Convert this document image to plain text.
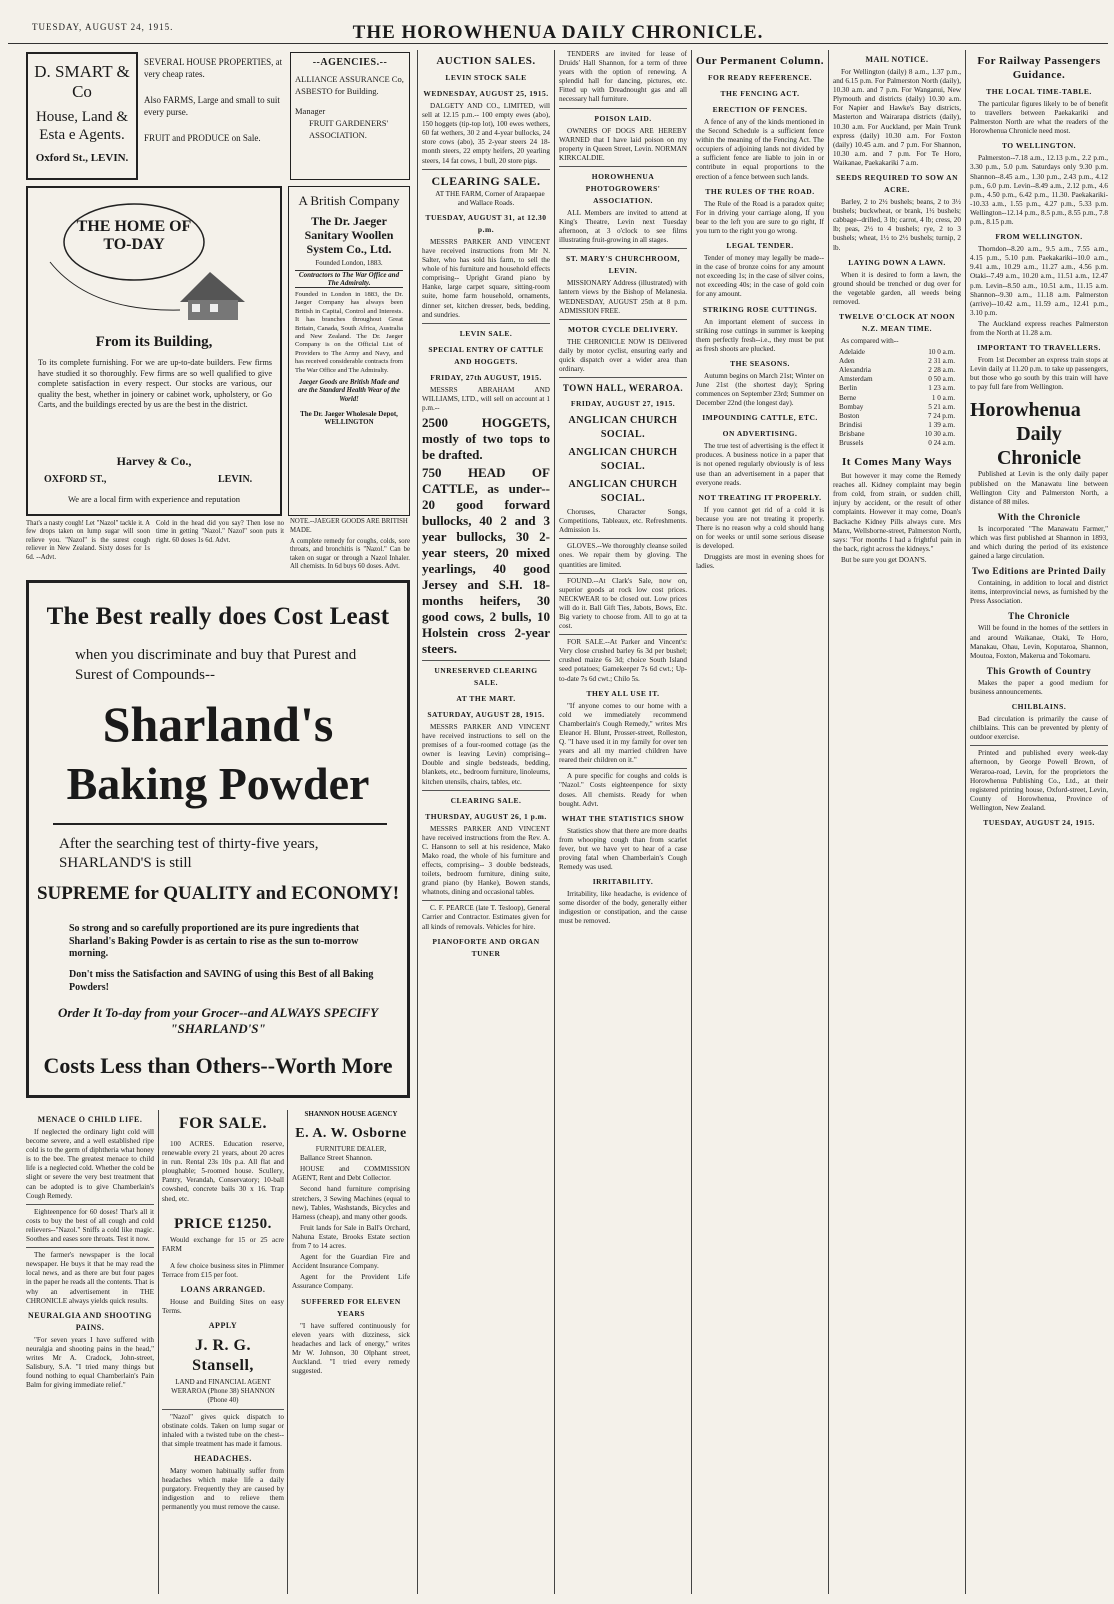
TUESDAY, AUGUST 24, 1915.	THE HOROWHENUA DAILY CHRONICLE.
D. SMART & Co
House, Land &
Esta e Agents.
Oxford St., LEVIN.
SEVERAL HOUSE PROPERTIES, at very cheap rates.
Also FARMS, Large and small to suit every purse.
FRUIT and PRODUCE on Sale.
--AGENCIES.--
ALLIANCE ASSURANCE Co,
ASBESTO for Building.
Manager
FRUIT GARDENERS' ASSOCIATION.
THE HOME OF TO-DAY
From its Building,
To its complete furnishing. For we are up-to-date builders. Few firms have studied it so thoroughly. Few firms are so well qualified to give complete satisfaction in every respect. Our stocks are various, our quality the best, whether in joinery or cabinet work, upholstery, or Go Carts, and the buildings erected by us are the best in the district.
Harvey & Co.,
OXFORD ST.,	LEVIN.
We are a local firm with experience and reputation
A British Company
The Dr. Jaeger Sanitary Woollen System Co., Ltd.
Founded London, 1883.
Contractors to The War Office and The Admiralty.
Founded in London in 1883, the Dr. Jaeger Company has always been British in Capital, Control and Interests. It has branches throughout Great Britain, Canada, South Africa, Australia and New Zealand. The Dr. Jaeger Company is on the Official List of Providers to The Army and Navy, and has received considerable contracts from The War Office and The Admiralty.
Jaeger Goods are British Made and are the Standard Health Wear of the World!
The Dr. Jaeger Wholesale Depot, WELLINGTON
NOTE.--JAEGER GOODS ARE BRITISH MADE.
That's a nasty cough! Let "Nazol" tackle it. A few drops taken on lump sugar will soon relieve you. "Nazol" is the surest cough reliever in New Zealand. Sixty doses for 1s 6d. --Advt.
Cold in the head did you say? Then lose no time in getting "Nazol." Nazol" soon puts it right. 60 doses 1s 6d. Advt.	A complete remedy for coughs, colds, sore throats, and bronchitis is "Nazol." Can be taken on sugar or through a Nazol Inhaler. All chemists. In 6d buys 60 doses. Advt.
The Best really does Cost Least
when you discriminate and buy that Purest and Surest of Compounds--
Sharland's
Baking Powder
After the searching test of thirty-five years, SHARLAND'S is still
SUPREME for QUALITY and ECONOMY!
So strong and so carefully proportioned are its pure ingredients that Sharland's Baking Powder is as certain to rise as the sun to-morrow morning.
Don't miss the Satisfaction and SAVING of using this Best of all Baking Powders!
Order It To-day from your Grocer--and ALWAYS SPECIFY "SHARLAND'S"
Costs Less than Others--Worth More
MENACE O CHILD LIFE.
If neglected the ordinary light cold will become severe, and a well established ripe cold is to the germ of diphtheria what honey is to the bee. The greatest menace to child life is a neglected cold. Whether the cold be slight or severe the very best treatment that can be adopted is to give Chamberlain's Cough Remedy.
Eighteenpence for 60 doses! That's all it costs to buy the best of all cough and cold relievers--"Nazol." Sniffs a cold like magic. Soothes and eases sore throats. Test it now.
The farmer's newspaper is the local newspaper. He buys it that he may read the local news, and as there are but four pages in the paper he reads all the contents. That is why an advertisement in THE CHRONICLE always yields quick results.
NEURALGIA AND SHOOTING PAINS.
"For seven years I have suffered with neuralgia and shooting pains in the head," writes Mr A. Cradock, John-street, Salisbury, S.A. "I tried many things but found nothing to equal Chamberlain's Pain Balm for giving immediate relief."
FOR SALE.
100 ACRES. Education reserve, renewable every 21 years, about 20 acres in run. Rental 23s 10s p.a. All flat and ploughable; 5-roomed house. Scullery, Pantry, Verandah, Conservatory; 10-ball cowshed, concrete bails 30 x 16. Trap shed, etc.
PRICE £1250.
Would exchange for 15 or 25 acre FARM
A few choice business sites in Plimmer Terrace from £15 per foot.
LOANS ARRANGED.
House and Building Sites on easy Terms.
APPLY
J. R. G. Stansell,
LAND and FINANCIAL AGENT
WERAROA (Phone 38) SHANNON (Phone 40)
"Nazol" gives quick dispatch to obstinate colds. Taken on lump sugar or inhaled with a twisted tube on the chest--that simple treatment has made it famous.
HEADACHES.
Many women habitually suffer from headaches which make life a daily purgatory. Frequently they are caused by indigestion and to relieve them permanently you must remove the cause.
SHANNON HOUSE AGENCY
E. A. W. Osborne
FURNITURE DEALER,
Ballance Street Shannon.
HOUSE and COMMISSION AGENT, Rent and Debt Collector.
Second hand furniture comprising stretchers, 3 Sewing Machines (equal to new), Tables, Washstands, Bicycles and Harness (cheap), and many other goods.
Fruit lands for Sale in Ball's Orchard, Nahuna Estate, Brooks Estate section from 7 to 14 acres.
Agent for the Guardian Fire and Accident Insurance Company.
Agent for the Provident Life Assurance Company.
SUFFERED FOR ELEVEN YEARS
"I have suffered continuously for eleven years with dizziness, sick headaches and lack of energy," writes Mr W. Johnson, 30 Olphant street, Auckland. "I tried every remedy suggested.
AUCTION SALES.
LEVIN STOCK SALE
WEDNESDAY, AUGUST 25, 1915.
DALGETY AND CO., LIMITED, will sell at 12.15 p.m.-- 100 empty ewes (abo), 150 hoggets (tip-top lot), 100 ewes wethers, 60 fat wethers, 30 2 and 4-year bullocks, 24 store cows (abo), 35 2-year steers 24 18-month steers, 22 empty heifers, 20 yearling steers, 14 fat cows, 1 bull, 20 store pigs.
CLEARING SALE.
AT THE FARM, Corner of Arapaepae and Wallace Roads.
TUESDAY, AUGUST 31, at 12.30 p.m.
MESSRS PARKER AND VINCENT have received instructions from Mr N. Salter, who has sold his farm, to sell the whole of his furniture and household effects comprising-- Upright Grand piano by Hanke, large carpet square, sitting-room suite, home farm household, ornaments, dinner set, kitchen dresser, beds, bedding, and sundries.
LEVIN SALE.
SPECIAL ENTRY OF CATTLE AND HOGGETS.
FRIDAY, 27th AUGUST, 1915.
MESSRS ABRAHAM AND WILLIAMS, LTD., will sell on account at 1 p.m.--
2500 HOGGETS, mostly of two tops to be drafted.
750 HEAD OF CATTLE, as under-- 20 good forward bullocks, 40 2 and 3 year bullocks, 30 2-year steers, 20 mixed yearlings, 40 good Jersey and S.H. 18-months heifers, 30 good cows, 2 bulls, 10 Holstein cross 2-year steers.
UNRESERVED CLEARING SALE.
AT THE MART.
SATURDAY, AUGUST 28, 1915.
MESSRS PARKER AND VINCENT have received instructions to sell on the premises of a four-roomed cottage (as the owner is leaving Levin) comprising-- Double and single bedsteads, bedding, blankets, etc., bedroom furniture, linoleums, kitchen utensils, chairs, tables, etc.
CLEARING SALE.
THURSDAY, AUGUST 26, 1 p.m.
MESSRS PARKER AND VINCENT have received instructions from the Rev. A. C. Hansonn to sell at his residence, Mako Mako road, the whole of his furniture and effects, comprising-- 3 double bedsteads, toilets, bedroom furniture, dining suite, grand piano (by Hanke), Bowen stands, whatnots, dining and occasional tables.
C. F. PEARCE (late T. Tesloop), General Carrier and Contractor. Estimates given for all kinds of removals. Vehicles for hire.
PIANOFORTE AND ORGAN TUNER
TENDERS are invited for lease of Druids' Hall Shannon, for a term of three years with the option of renewing. A splendid hall for dancing, pictures, etc. Fitted up with Dreadnought gas and all necessary hall furniture.
POISON LAID.
OWNERS OF DOGS ARE HEREBY WARNED that I have laid poison on my property in Queen Street, Levin. NORMAN KIRKCALDIE.
HOROWHENUA PHOTOGROWERS' ASSOCIATION.
ALL Members are invited to attend at King's Theatre, Levin next Tuesday afternoon, at 3 o'clock to see films illustrating fruit-growing in all stages.
ST. MARY'S CHURCHROOM, LEVIN.
MISSIONARY Address (illustrated) with lantern views by the Bishop of Melanesia. WEDNESDAY, AUGUST 25th at 8 p.m. ADMISSION FREE.
MOTOR CYCLE DELIVERY.
THE CHRONICLE NOW IS DElivered daily by motor cyclist, ensuring early and quick dispatch over a wider area than ordinary.
TOWN HALL, WERAROA.
FRIDAY, AUGUST 27, 1915.
ANGLICAN CHURCH SOCIAL.
ANGLICAN CHURCH SOCIAL.
ANGLICAN CHURCH SOCIAL.
Choruses, Character Songs, Competitions, Tableaux, etc. Refreshments. Admission 1s.
GLOVES.--We thoroughly cleanse soiled ones. We repair them by gloving. The quantities are limited.
FOUND.--At Clark's Sale, now on, superior goods at rock low cost prices. NECKWEAR to be closed out. Low prices will do it. Ball Gift Ties, Jabots, Bows, Etc. Big variety to choose from. All to go at ta cost.
FOR SALE.--At Parker and Vincent's: Very close crushed barley 6s 3d per bushel; crushed maize 6s 3d; choice South Island seed potatoes; Gamekeeper 7s 6d cwt.; Up-to-date 7s 6d cwt.; Chilo 5s.
THEY ALL USE IT.
"If anyone comes to our home with a cold we immediately recommend Chamberlain's Cough Remedy," writes Mrs Eleanor H. Blunt, Prosser-street, Rolleston, Q. "I have used it in my family for over ten years and all my married children have reared their children on it."
A pure specific for coughs and colds is "Nazol." Costs eighteenpence for sixty doses. All chemists. Ready for when bought. Advt.
WHAT THE STATISTICS SHOW
Statistics show that there are more deaths from whooping cough than from scarlet fever, but we have yet to hear of a case proving fatal when Chamberlain's Cough Remedy was used.
IRRITABILITY.
Irritability, like headache, is evidence of some disorder of the body, generally either indigestion or constipation, and the cause must be removed.
Our Permanent Column.
FOR READY REFERENCE.
THE FENCING ACT.
ERECTION OF FENCES.
A fence of any of the kinds mentioned in the Second Schedule is a sufficient fence within the meaning of the Fencing Act. The occupiers of adjoining lands not divided by a sufficient fence are liable to join in or contribute in equal proportions to the erection of a fence between such lands.
THE RULES OF THE ROAD.
The Rule of the Road is a paradox quite; For in driving your carriage along, If you bear to the left you are sure to go right, If you turn to the right you go wrong.
LEGAL TENDER.
Tender of money may legally be made--in the case of bronze coins for any amount not exceeding 1s; in the case of silver coins, not exceeding 40s; in the case of gold coin for any amount.
STRIKING ROSE CUTTINGS.
An important element of success in striking rose cuttings in summer is keeping them perfectly fresh--i.e., they must be put as fresh shoots are plucked.
THE SEASONS.
Autumn begins on March 21st; Winter on June 21st (the shortest day); Spring commences on September 23rd; Summer on December 22nd (the longest day).
IMPOUNDING CATTLE, ETC.
ON ADVERTISING.
The true test of advertising is the effect it produces. A business notice in a paper that is not opened regularly obviously is of less use than an advertisement in a paper that everyone reads.
NOT TREATING IT PROPERLY.
If you cannot get rid of a cold it is because you are not treating it properly. There is no reason why a cold should hang on for weeks or until some serious disease is developed.
Druggists are most in evening shoes for ladies.
MAIL NOTICE.
For Wellington (daily) 8 a.m., 1.37 p.m., and 6.15 p.m. For Palmerston North (daily), 10.30 a.m. and 7 p.m. For Wanganui, New Plymouth and districts (daily) 10.30 a.m. For Napier and Hawke's Bay districts, Masterton and Wairarapa districts (daily), 10.30 a.m. For Auckland, per Main Trunk express (daily) 10.30 a.m. For Foxton (daily) 10.45 a.m. and 7 p.m. For Shannon, 10.30 a.m. and 7 p.m. For Te Horo, Waikanae, Paekakariki 7 a.m.
SEEDS REQUIRED TO SOW AN ACRE.
Barley, 2 to 2½ bushels; beans, 2 to 3½ bushels; buckwheat, or brank, 1½ bushels; cabbage--drilled, 3 lb; carrot, 4 lb; cress, 20 lb; peas, 2½ to 4 bushels; rye, 2 to 3 bushels; wheat, 1½ to 2½ bushels; turnip, 2 lb.
LAYING DOWN A LAWN.
When it is desired to form a lawn, the ground should be trenched or dug over for the vegetable garden, all weeds being removed.
TWELVE O'CLOCK AT NOON N.Z. MEAN TIME.
As compared with--
Adelaide	10 0 a.m.
Aden	2 31 a.m.
Alexandria	2 28 a.m.
Amsterdam	0 50 a.m.
Berlin	1 23 a.m.
Berne	1 0 a.m.
Bombay	5 21 a.m.
Boston	7 24 p.m.
Brindisi	1 39 a.m.
Brisbane	10 30 a.m.
Brussels	0 24 a.m.
It Comes Many Ways
But however it may come the Remedy reaches all. Kidney complaint may begin from cold, from strain, or sudden chill, injury by accident, or the result of other complaints. However it may come, Doan's Backache Kidney Pills always cure. Mrs Manx, Wellsborne-street, Palmerston North, says: "For months I had a frightful pain in the back, right across the kidneys."
But be sure you get DOAN'S.
For Railway Passengers Guidance.
THE LOCAL TIME-TABLE.
The particular figures likely to be of benefit to travellers between Paekakariki and Palmerston North are what the readers of the Horowhenua Chronicle need most.
TO WELLINGTON.
Palmerston--7.18 a.m., 12.13 p.m., 2.2 p.m., 3.30 p.m., 5.0 p.m. Saturdays only 9.30 p.m. Shannon--8.45 a.m., 1.30 p.m., 2.43 p.m., 4.12 p.m., 6.0 p.m. Levin--8.49 a.m., 2.12 p.m., 4.6 p.m., 4.50 p.m., 6.42 p.m., 11.30. Paekakariki--10.33 a.m., 1.55 p.m., 4.27 p.m., 5.33 p.m. Wellington--12.14 p.m., 8.5 p.m., 8.55 p.m., 7.8 p.m., 8.15 p.m.
FROM WELLINGTON.
Thorndon--8.20 a.m., 9.5 a.m., 7.55 a.m., 4.15 p.m., 5.10 p.m. Paekakariki--10.0 a.m., 9.41 a.m., 10.29 a.m., 11.27 a.m., 4.56 p.m. Otaki--7.49 a.m., 10.20 a.m., 11.51 a.m., 12.47 p.m. Levin--8.50 a.m., 10.51 a.m., 11.15 a.m. Shannon--9.30 a.m., 11.18 a.m. Palmerston (arrive)--10.42 a.m., 11.59 a.m., 12.41 p.m., 3.10 p.m.
The Auckland express reaches Palmerston from the North at 11.28 a.m.
IMPORTANT TO TRAVELLERS.
From 1st December an express train stops at Levin daily at 11.20 p.m. to take up passengers, but those who go south by this train will have to pay full fare from Wellington.
Horowhenua
Daily
Chronicle
Published at Levin is the only daily paper published on the Manawatu line between Wellington City and Palmerston North, a distance of 88 miles.
With the Chronicle
Is incorporated "The Manawatu Farmer," which was first published at Shannon in 1893, and which during the period of its existence gained a large circulation.
Two Editions are Printed Daily
Containing, in addition to local and district items, interprovincial news, as furnished by the Press Association.
The Chronicle
Will be found in the homes of the settlers in and around Waikanae, Otaki, Te Horo, Manakau, Ohau, Levin, Koputaroa, Shannon, Moutoa, Foxton, Makerua and Tokomaru.
This Growth of Country
Makes the paper a good medium for business announcements.
CHILBLAINS.
Bad circulation is primarily the cause of chilblains. This can be prevented by plenty of outdoor exercise.
Printed and published every week-day afternoon, by George Powell Brown, of Weraroa-road, Levin, for the proprietors the Horowhenua Publishing Co., Ltd., at their registered printing house, Oxford-street, Levin, County of Horowhenua, Province of Wellington, New Zealand.
TUESDAY, AUGUST 24, 1915.
